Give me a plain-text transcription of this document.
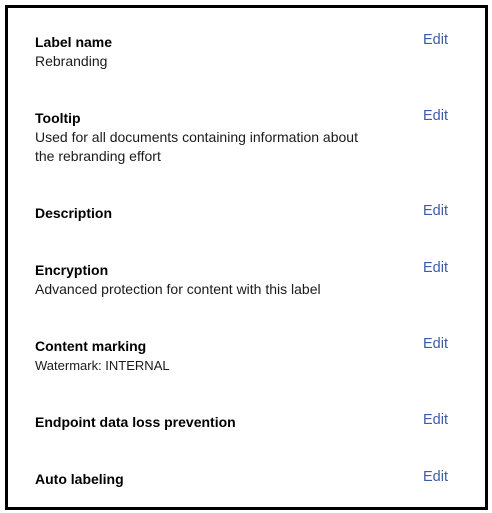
Label name
Rebranding
Edit
Tooltip
Used for all documents containing information about the rebranding effort
Edit
Description	Edit
Encryption
Advanced protection for content with this label
Edit
Content marking
Watermark: INTERNAL
Edit
Endpoint data loss prevention	Edit
Auto labeling	Edit
